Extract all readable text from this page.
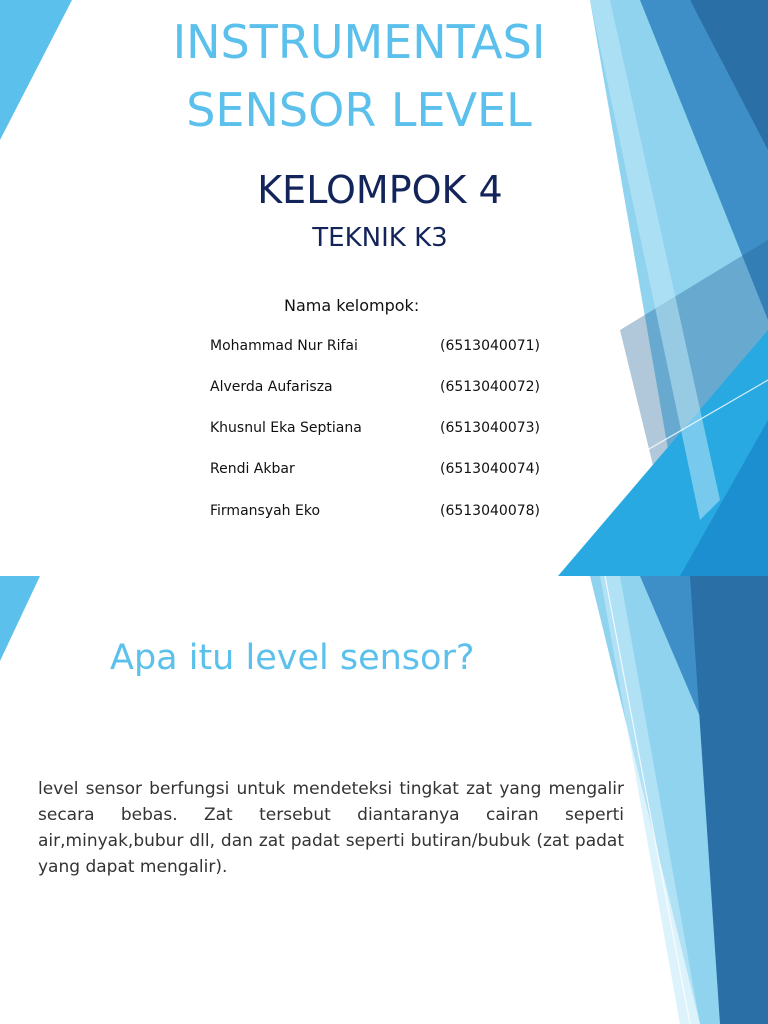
INSTRUMENTASI
SENSOR LEVEL
KELOMPOK 4
TEKNIK K3
Nama kelompok:
Mohammad Nur Rifai	(6513040071)
Alverda Aufarisza	(6513040072)
Khusnul Eka Septiana	(6513040073)
Rendi Akbar	(6513040074)
Firmansyah Eko	(6513040078)
Apa itu level sensor?
level sensor berfungsi untuk mendeteksi tingkat zat yang mengalir secara bebas. Zat tersebut diantaranya cairan seperti air,minyak,bubur dll, dan zat padat seperti butiran/bubuk (zat padat yang dapat mengalir).
